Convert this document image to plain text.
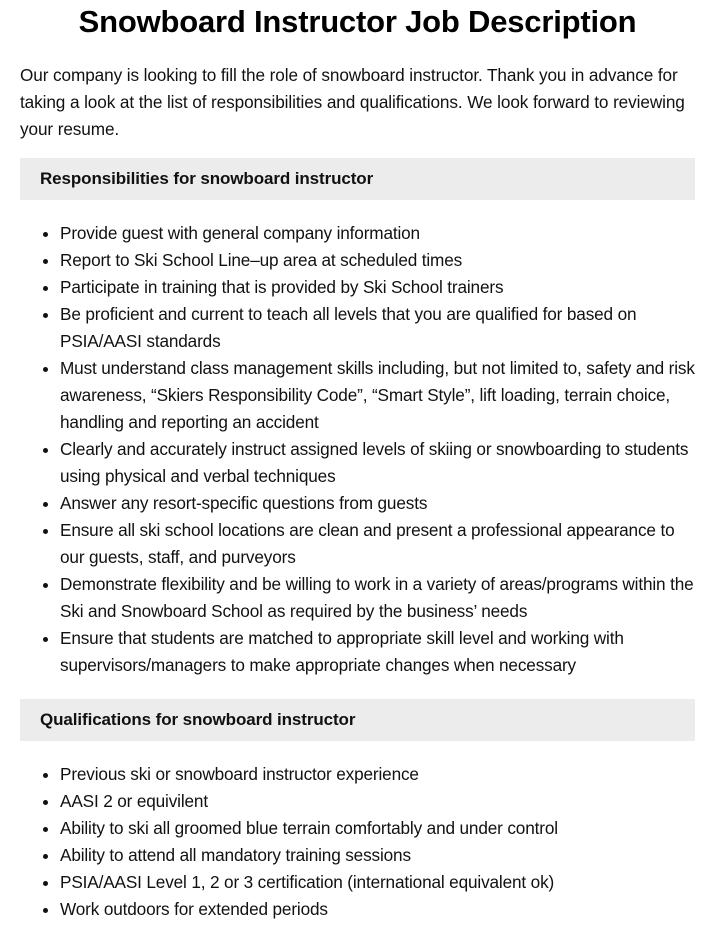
Snowboard Instructor Job Description

Our company is looking to fill the role of snowboard instructor. Thank you in advance for taking a look at the list of responsibilities and qualifications. We look forward to reviewing your resume.

Responsibilities for snowboard instructor
Provide guest with general company information
Report to Ski School Line–up area at scheduled times
Participate in training that is provided by Ski School trainers
Be proficient and current to teach all levels that you are qualified for based on PSIA/AASI standards
Must understand class management skills including, but not limited to, safety and risk awareness, “Skiers Responsibility Code”, “Smart Style”, lift loading, terrain choice, handling and reporting an accident
Clearly and accurately instruct assigned levels of skiing or snowboarding to students using physical and verbal techniques
Answer any resort-specific questions from guests
Ensure all ski school locations are clean and present a professional appearance to our guests, staff, and purveyors
Demonstrate flexibility and be willing to work in a variety of areas/programs within the Ski and Snowboard School as required by the business’ needs
Ensure that students are matched to appropriate skill level and working with supervisors/managers to make appropriate changes when necessary
Qualifications for snowboard instructor
Previous ski or snowboard instructor experience
AASI 2 or equivilent
Ability to ski all groomed blue terrain comfortably and under control
Ability to attend all mandatory training sessions
PSIA/AASI Level 1, 2 or 3 certification (international equivalent ok)
Work outdoors for extended periods
